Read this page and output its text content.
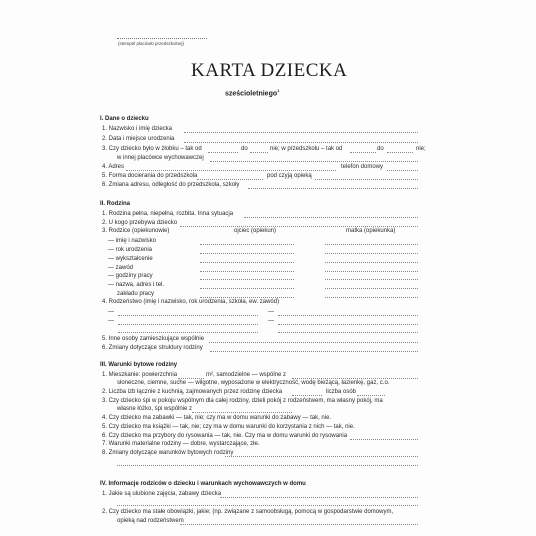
(stempel placówki przedszkolnej)
KARTA DZIECKA
sześcioletniego$^1$
I. Dane o dziecku
1. Nazwisko i imię dziecka
2. Data i miejsce urodzenia
3. Czy dziecko było w żłobku – tak od	do	nie; w przedszkolu – tak od	do	nie;
w innej placówce wychowawczej
4. Adres	telefon domowy
5. Forma docierania do przedszkola	pod czyją opieką
6. Zmiana adresu, odległość do przedszkola, szkoły
II. Rodzina
1. Rodzina pełna, niepełna, rozbita. Inna sytuacja
2. U kogo przebywa dziecko
3. Rodzice (opiekunowie)	ojciec (opiekun)	matka (opiekunka)
— imię i nazwisko
— rok urodzenia
— wykształcenie
— zawód
— godziny pracy
— nazwa, adres i tel.
zakładu pracy
4. Rodzeństwo (imię i nazwisko, rok urodzenia, szkoła, ew. zawód)
—	—
—	—
5. Inne osoby zamieszkujące wspólnie
6. Zmiany dotyczące struktury rodziny
III. Warunki bytowe rodziny
1. Mieszkanie: powierzchnia	m², samodzielne — wspólne z
słoneczne, ciemne, suche — wilgotne, wyposażone w elektryczność, wodę bieżącą, łazienkę, gaz, c.o.
2. Liczba izb łącznie z kuchnią, zajmowanych przez rodzinę dziecka	liczba osób
3. Czy dziecko śpi w pokoju wspólnym dla całej rodziny, dzieli pokój z rodzeństwem, ma własny pokój, ma
własne łóżko, śpi wspólnie z
4. Czy dziecko ma zabawki — tak, nie; czy ma w domu warunki do zabawy — tak, nie.
5. Czy dziecko ma książki — tak, nie; czy ma w domu warunki do korzystania z nich — tak, nie.
6. Czy dziecko ma przybory do rysowania — tak, nie. Czy ma w domu warunki do rysowania
7. Warunki materialne rodziny — dobre, wystarczające, złe.
8. Zmiany dotyczące warunków bytowych rodziny
IV. Informacje rodziców o dziecku i warunkach wychowawczych w domu
1. Jakie są ulubione zajęcia, zabawy dziecka
2. Czy dziecko ma stałe obowiązki, jakie; (np. związane z samoobsługą, pomocą w gospodarstwie domowym,
opieką nad rodzeństwem
